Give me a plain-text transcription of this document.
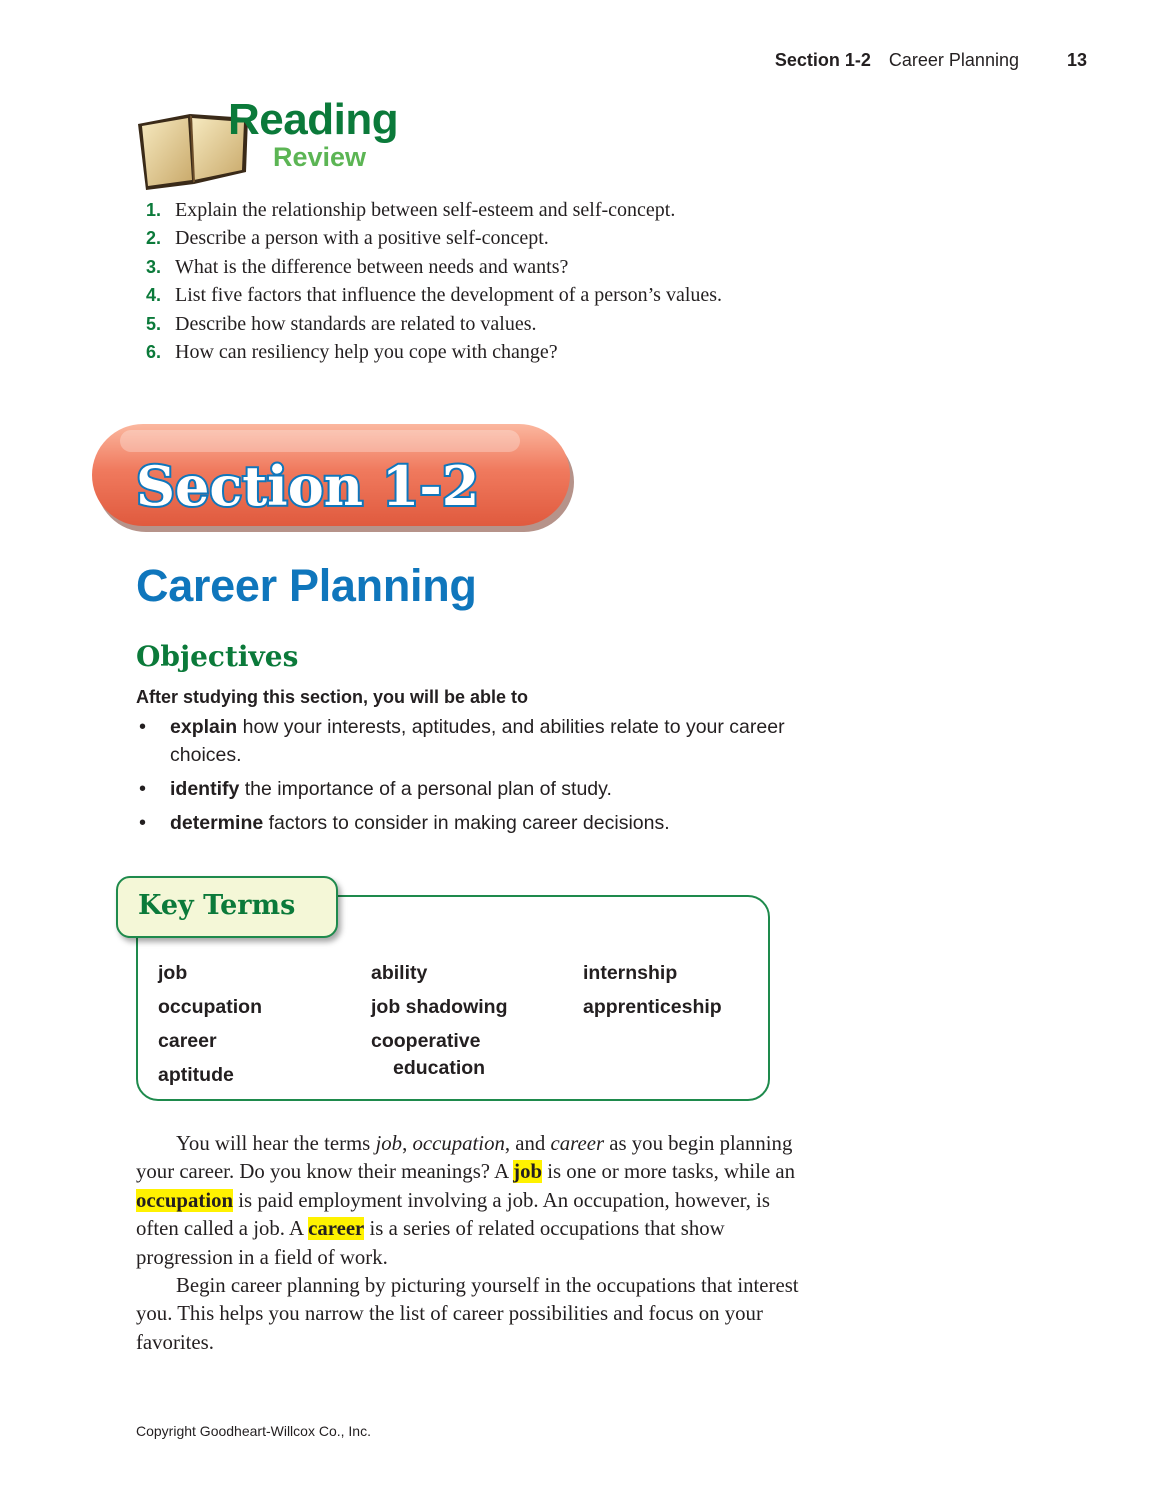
Section 1-2 Career Planning	13
Reading
Review
1. Explain the relationship between self-esteem and self-concept.
2. Describe a person with a positive self-concept.
3. What is the difference between needs and wants?
4. List five factors that influence the development of a person’s values.
5. Describe how standards are related to values.
6. How can resiliency help you cope with change?
Section 1-2
Career Planning
Objectives
After studying this section, you will be able to
• explain how your interests, aptitudes, and abilities relate to your career choices.
• identify the importance of a personal plan of study.
• determine factors to consider in making career decisions.
Key Terms
job
occupation
career
aptitude
ability
job shadowing
cooperative
education
internship
apprenticeship

You will hear the terms job, occupation, and career as you begin planning your career. Do you know their meanings? A job is one or more tasks, while an occupation is paid employment involving a job. An occupation, however, is often called a job. A career is a series of related occupations that show progression in a field of work.

Begin career planning by picturing yourself in the occupations that interest you. This helps you narrow the list of career possibilities and focus on your favorites.

Copyright Goodheart-Willcox Co., Inc.
